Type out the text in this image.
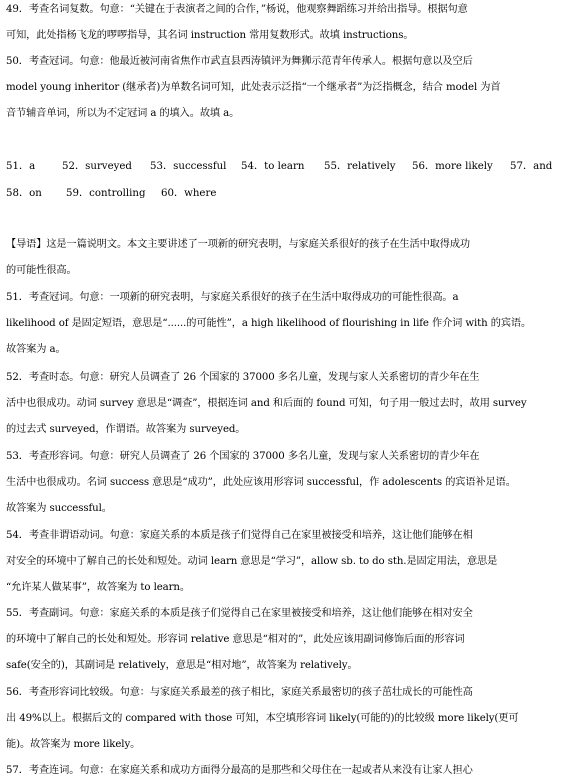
49．考查名词复数。句意：“关键在于表演者之间的合作，”杨说，他观察舞蹈练习并给出指导。根据句意
可知，此处指杨飞龙的啰啰指导，其名词 instruction 常用复数形式。故填 instructions。
50．考查冠词。句意：他最近被河南省焦作市武直县西涛镇评为舞狮示范青年传承人。根据句意以及空后
model young inheritor (继承者)为单数名词可知，此处表示泛指“一个继承者”为泛指概念，结合 model 为首
音节辅音单词，所以为不定冠词 a 的填入。故填 a。
51．a	52．surveyed 53．successful 54．to learn 55．relatively 56．more likely 57．and
58．on 59．controlling 60．where
【导语】这是一篇说明文。本文主要讲述了一项新的研究表明，与家庭关系很好的孩子在生活中取得成功
的可能性很高。
51．考查冠词。句意：一项新的研究表明，与家庭关系很好的孩子在生活中取得成功的可能性很高。a
likelihood of 是固定短语，意思是“......的可能性”，a high likelihood of flourishing in life 作介词 with 的宾语。
故答案为 a。
52．考查时态。句意：研究人员调查了 26 个国家的 37000 多名儿童，发现与家人关系密切的青少年在生
活中也很成功。动词 survey 意思是“调查”，根据连词 and 和后面的 found 可知，句子用一般过去时，故用 survey
的过去式 surveyed，作谓语。故答案为 surveyed。
53．考查形容词。句意：研究人员调查了 26 个国家的 37000 多名儿童，发现与家人关系密切的青少年在
生活中也很成功。名词 success 意思是“成功”，此处应该用形容词 successful，作 adolescents 的宾语补足语。
故答案为 successful。
54．考查非谓语动词。句意：家庭关系的本质是孩子们觉得自己在家里被接受和培养，这让他们能够在相
对安全的环境中了解自己的长处和短处。动词 learn 意思是“学习”，allow sb. to do sth.是固定用法，意思是
“允许某人做某事”，故答案为 to learn。
55．考查副词。句意：家庭关系的本质是孩子们觉得自己在家里被接受和培养，这让他们能够在相对安全
的环境中了解自己的长处和短处。形容词 relative 意思是“相对的”，此处应该用副词修饰后面的形容词
safe(安全的)，其副词是 relatively，意思是“相对地”，故答案为 relatively。
56．考查形容词比较级。句意：与家庭关系最差的孩子相比，家庭关系最密切的孩子茁壮成长的可能性高
出 49%以上。根据后文的 compared with those 可知，本空填形容词 likely(可能的)的比较级 more likely(更可
能)。故答案为 more likely。
57．考查连词。句意：在家庭关系和成功方面得分最高的是那些和父母住在一起或者从来没有让家人担心
